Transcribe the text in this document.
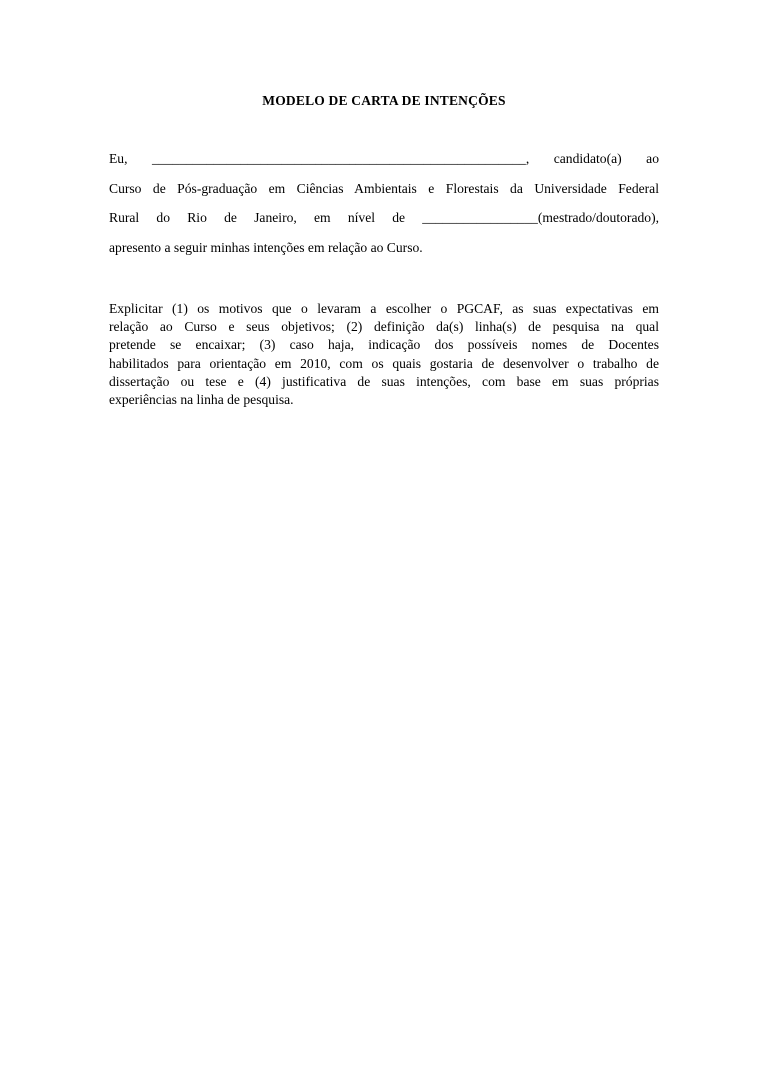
MODELO DE CARTA DE INTENÇÕES
Eu, _______________________________________________________, candidato(a) ao
Curso de Pós-graduação em Ciências Ambientais e Florestais da Universidade Federal
Rural do Rio de Janeiro, em nível de _________________(mestrado/doutorado),
apresento a seguir minhas intenções em relação ao Curso.
Explicitar (1) os motivos que o levaram a escolher o PGCAF, as suas expectativas em
relação ao Curso e seus objetivos; (2) definição da(s) linha(s) de pesquisa na qual
pretende se encaixar; (3) caso haja, indicação dos possíveis nomes de Docentes
habilitados para orientação em 2010, com os quais gostaria de desenvolver o trabalho de
dissertação ou tese e (4) justificativa de suas intenções, com base em suas próprias
experiências na linha de pesquisa.
